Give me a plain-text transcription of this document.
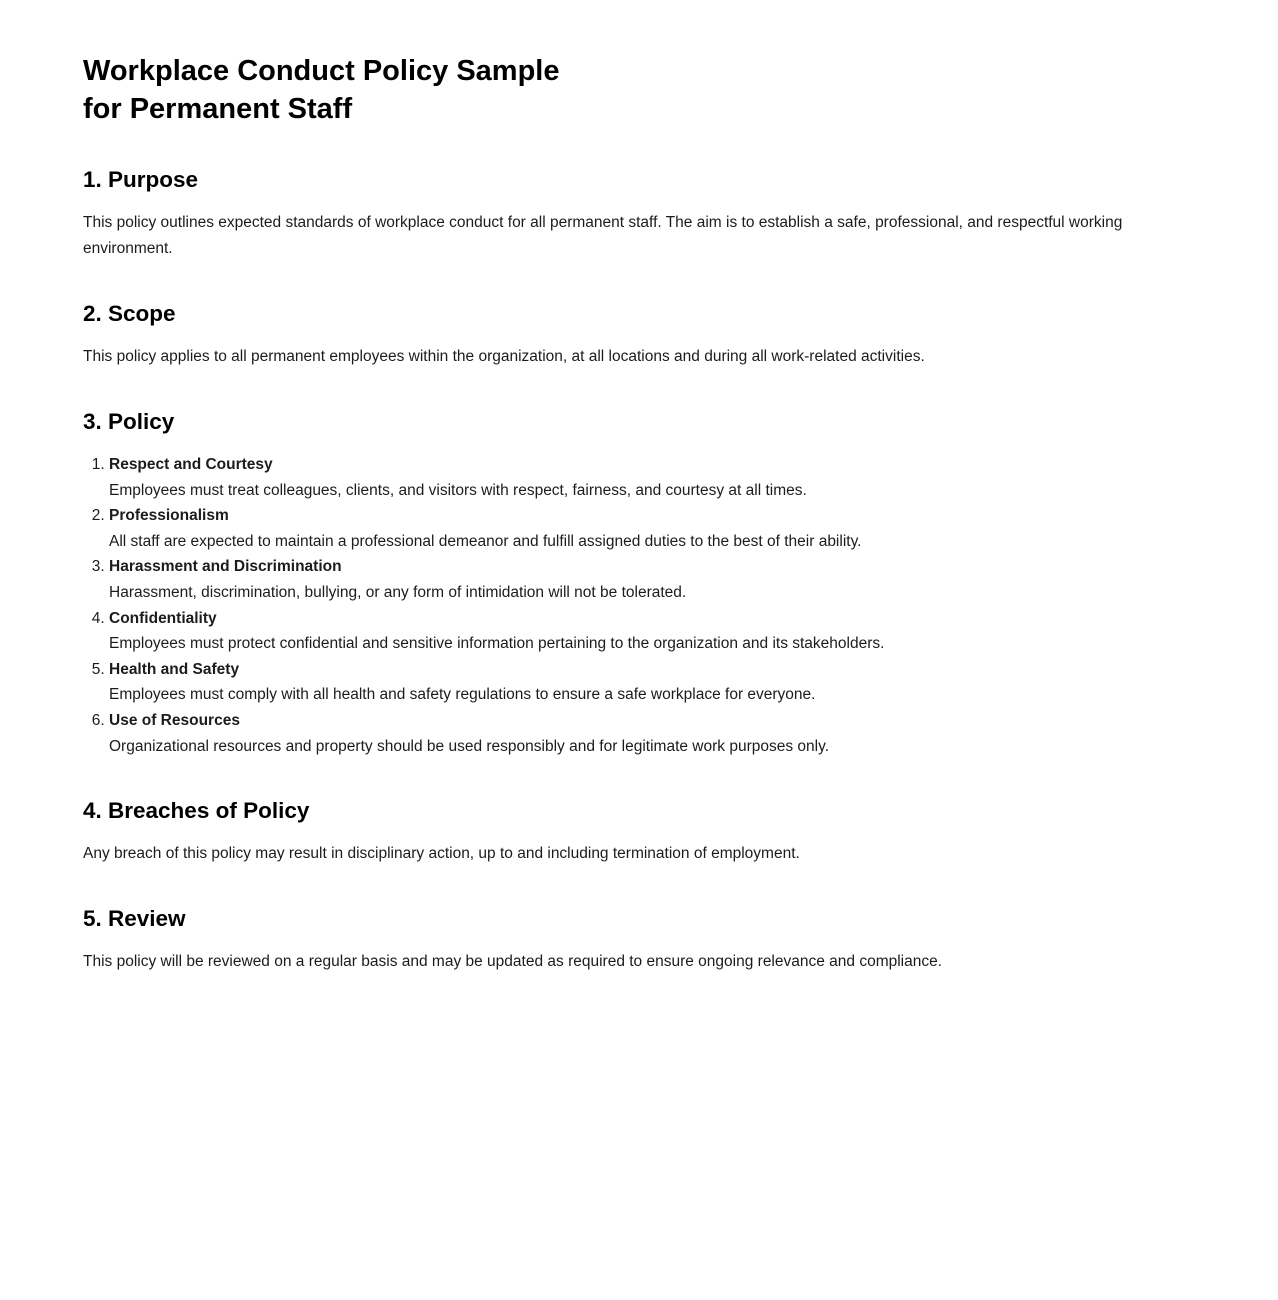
Workplace Conduct Policy Sample
for Permanent Staff
1. Purpose

This policy outlines expected standards of workplace conduct for all permanent staff. The aim is to establish a safe, professional, and respectful working environment.

2. Scope

This policy applies to all permanent employees within the organization, at all locations and during all work-related activities.

3. Policy
1. Respect and Courtesy
Employees must treat colleagues, clients, and visitors with respect, fairness, and courtesy at all times.
2. Professionalism
All staff are expected to maintain a professional demeanor and fulfill assigned duties to the best of their ability.
3. Harassment and Discrimination
Harassment, discrimination, bullying, or any form of intimidation will not be tolerated.
4. Confidentiality
Employees must protect confidential and sensitive information pertaining to the organization and its stakeholders.
5. Health and Safety
Employees must comply with all health and safety regulations to ensure a safe workplace for everyone.
6. Use of Resources
Organizational resources and property should be used responsibly and for legitimate work purposes only.
4. Breaches of Policy

Any breach of this policy may result in disciplinary action, up to and including termination of employment.

5. Review

This policy will be reviewed on a regular basis and may be updated as required to ensure ongoing relevance and compliance.
